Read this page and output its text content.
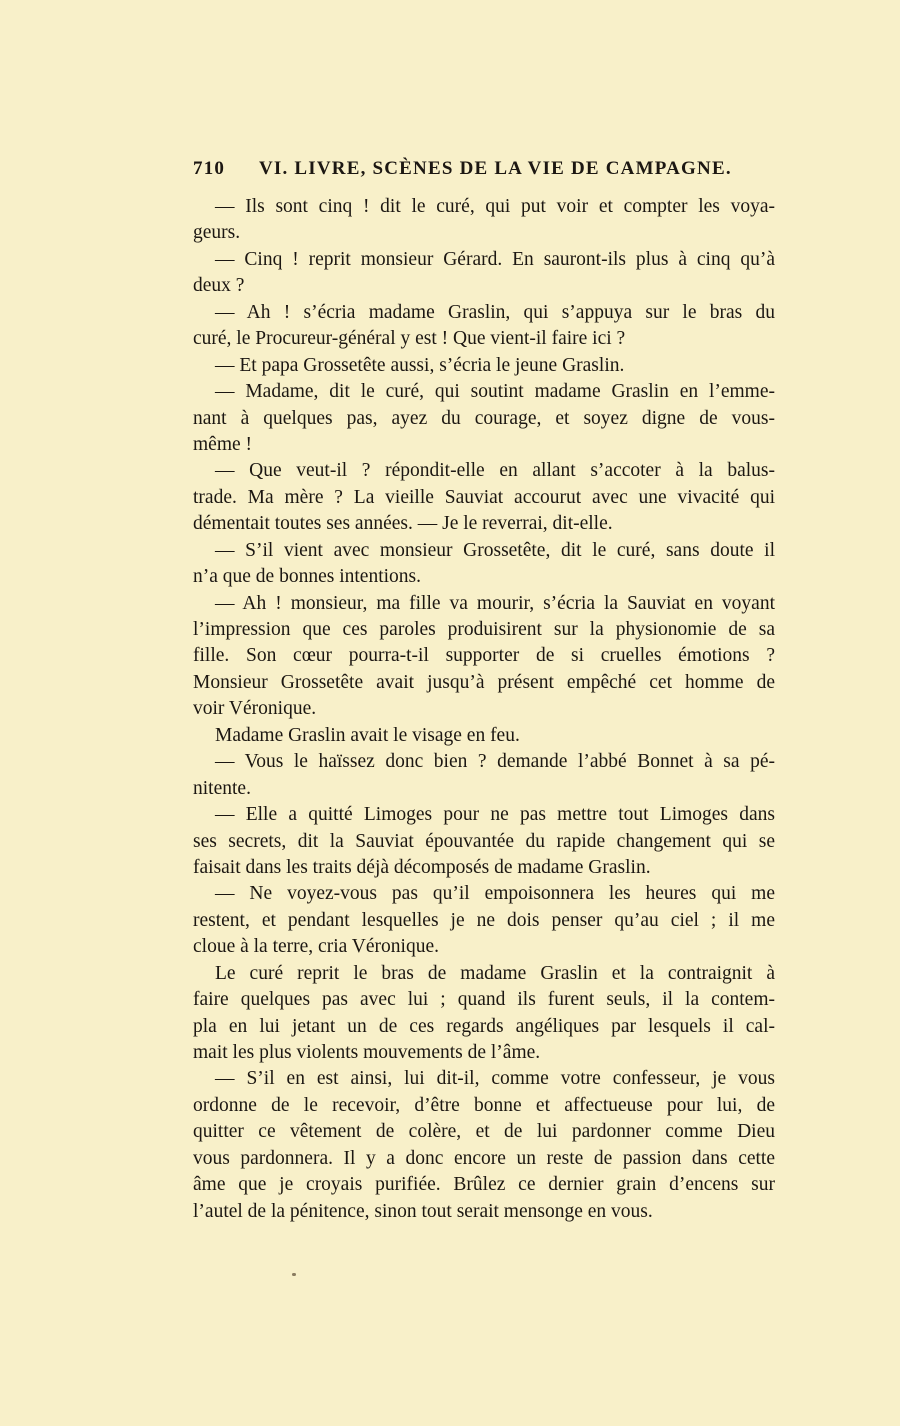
710 VI. LIVRE, SCÈNES DE LA VIE DE CAMPAGNE.
— Ils sont cinq ! dit le curé, qui put voir et compter les voya-
geurs.
— Cinq ! reprit monsieur Gérard. En sauront-ils plus à cinq qu’à
deux ?
— Ah ! s’écria madame Graslin, qui s’appuya sur le bras du
curé, le Procureur-général y est ! Que vient-il faire ici ?
— Et papa Grossetête aussi, s’écria le jeune Graslin.
— Madame, dit le curé, qui soutint madame Graslin en l’emme-
nant à quelques pas, ayez du courage, et soyez digne de vous-
même !
— Que veut-il ? répondit-elle en allant s’accoter à la balus-
trade. Ma mère ? La vieille Sauviat accourut avec une vivacité qui
démentait toutes ses années. — Je le reverrai, dit-elle.
— S’il vient avec monsieur Grossetête, dit le curé, sans doute il
n’a que de bonnes intentions.
— Ah ! monsieur, ma fille va mourir, s’écria la Sauviat en voyant
l’impression que ces paroles produisirent sur la physionomie de sa
fille. Son cœur pourra-t-il supporter de si cruelles émotions ?
Monsieur Grossetête avait jusqu’à présent empêché cet homme de
voir Véronique.
Madame Graslin avait le visage en feu.
— Vous le haïssez donc bien ? demande l’abbé Bonnet à sa pé-
nitente.
— Elle a quitté Limoges pour ne pas mettre tout Limoges dans
ses secrets, dit la Sauviat épouvantée du rapide changement qui se
faisait dans les traits déjà décomposés de madame Graslin.
— Ne voyez-vous pas qu’il empoisonnera les heures qui me
restent, et pendant lesquelles je ne dois penser qu’au ciel ; il me
cloue à la terre, cria Véronique.
Le curé reprit le bras de madame Graslin et la contraignit à
faire quelques pas avec lui ; quand ils furent seuls, il la contem-
pla en lui jetant un de ces regards angéliques par lesquels il cal-
mait les plus violents mouvements de l’âme.
— S’il en est ainsi, lui dit-il, comme votre confesseur, je vous
ordonne de le recevoir, d’être bonne et affectueuse pour lui, de
quitter ce vêtement de colère, et de lui pardonner comme Dieu
vous pardonnera. Il y a donc encore un reste de passion dans cette
âme que je croyais purifiée. Brûlez ce dernier grain d’encens sur
l’autel de la pénitence, sinon tout serait mensonge en vous.
